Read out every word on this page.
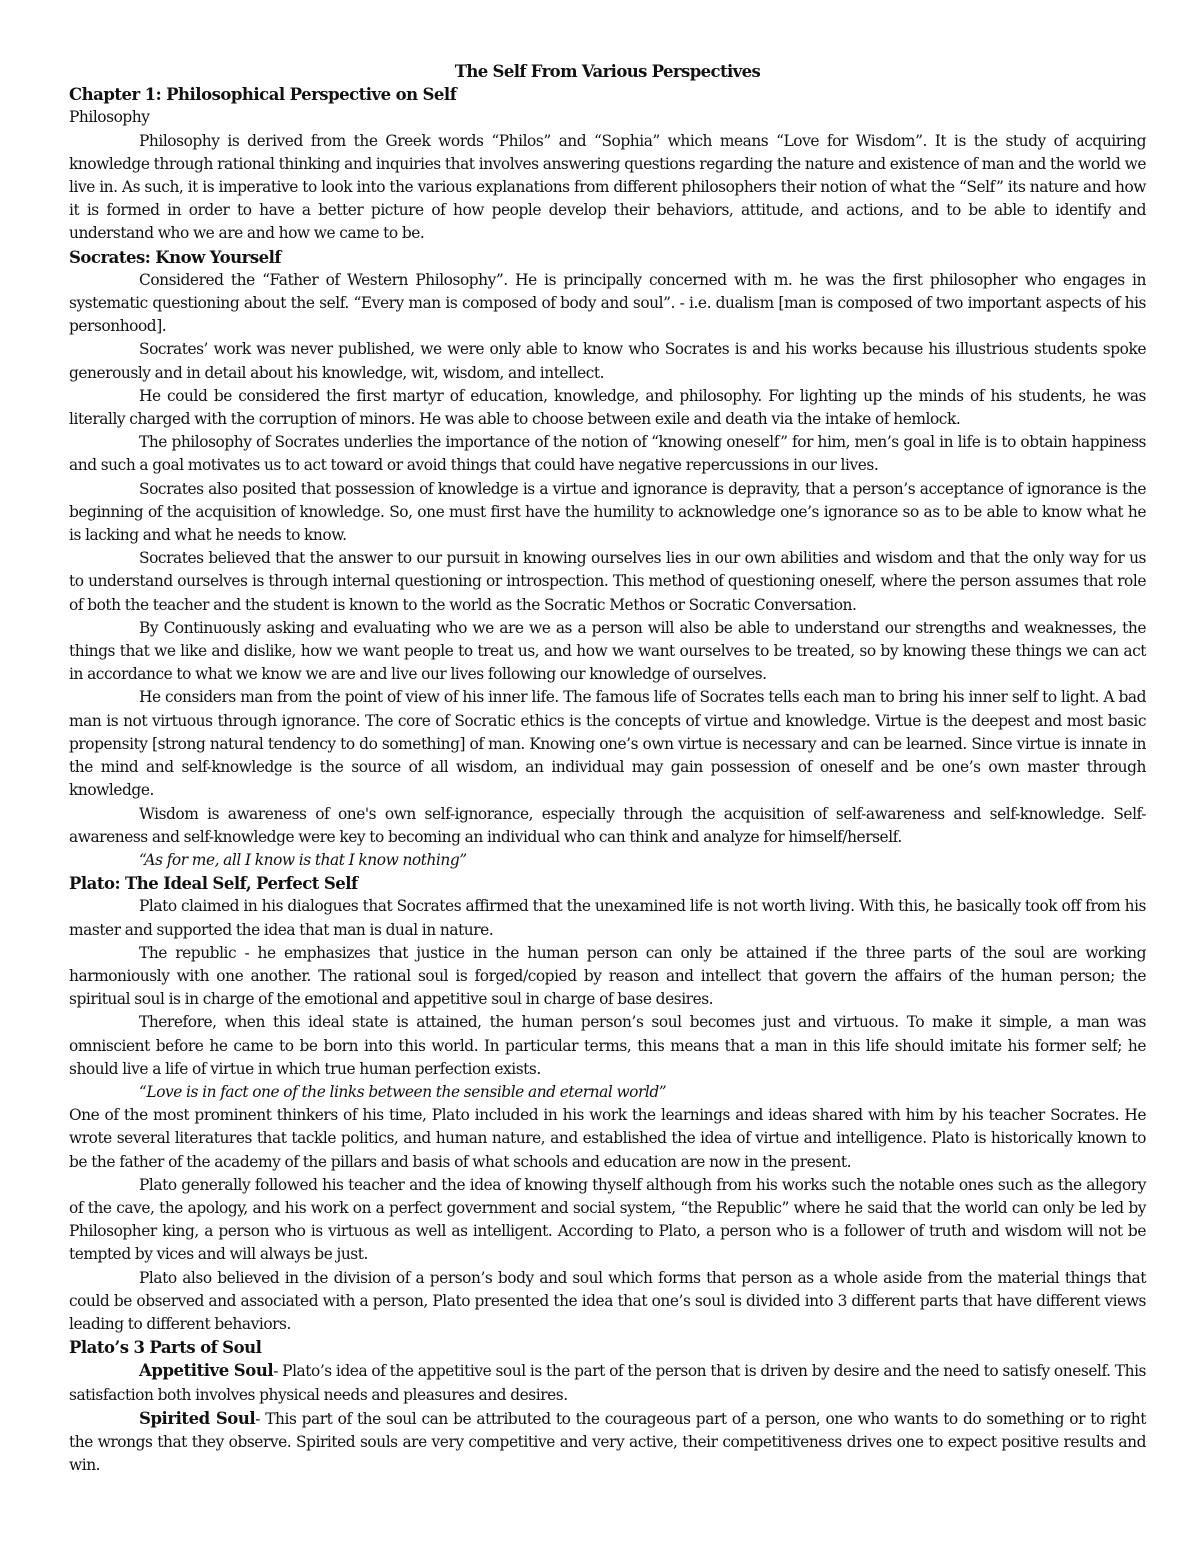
The Self From Various Perspectives
Chapter 1: Philosophical Perspective on Self
Philosophy

Philosophy is derived from the Greek words “Philos” and “Sophia” which means “Love for Wisdom”. It is the study of acquiring knowledge through rational thinking and inquiries that involves answering questions regarding the nature and existence of man and the world we live in. As such, it is imperative to look into the various explanations from different philosophers their notion of what the “Self” its nature and how it is formed in order to have a better picture of how people develop their behaviors, attitude, and actions, and to be able to identify and understand who we are and how we came to be.

Socrates: Know Yourself

Considered the “Father of Western Philosophy”. He is principally concerned with m. he was the first philosopher who engages in systematic questioning about the self. “Every man is composed of body and soul”. - i.e. dualism [man is composed of two important aspects of his personhood].

Socrates’ work was never published, we were only able to know who Socrates is and his works because his illustrious students spoke generously and in detail about his knowledge, wit, wisdom, and intellect.

He could be considered the first martyr of education, knowledge, and philosophy. For lighting up the minds of his students, he was literally charged with the corruption of minors. He was able to choose between exile and death via the intake of hemlock.

The philosophy of Socrates underlies the importance of the notion of “knowing oneself” for him, men’s goal in life is to obtain happiness and such a goal motivates us to act toward or avoid things that could have negative repercussions in our lives.

Socrates also posited that possession of knowledge is a virtue and ignorance is depravity, that a person’s acceptance of ignorance is the beginning of the acquisition of knowledge. So, one must first have the humility to acknowledge one’s ignorance so as to be able to know what he is lacking and what he needs to know.

Socrates believed that the answer to our pursuit in knowing ourselves lies in our own abilities and wisdom and that the only way for us to understand ourselves is through internal questioning or introspection. This method of questioning oneself, where the person assumes that role of both the teacher and the student is known to the world as the Socratic Methos or Socratic Conversation.

By Continuously asking and evaluating who we are we as a person will also be able to understand our strengths and weaknesses, the things that we like and dislike, how we want people to treat us, and how we want ourselves to be treated, so by knowing these things we can act in accordance to what we know we are and live our lives following our knowledge of ourselves.

He considers man from the point of view of his inner life. The famous life of Socrates tells each man to bring his inner self to light. A bad man is not virtuous through ignorance. The core of Socratic ethics is the concepts of virtue and knowledge. Virtue is the deepest and most basic propensity [strong natural tendency to do something] of man. Knowing one’s own virtue is necessary and can be learned. Since virtue is innate in the mind and self-knowledge is the source of all wisdom, an individual may gain possession of oneself and be one’s own master through knowledge.

Wisdom is awareness of one's own self-ignorance, especially through the acquisition of self-awareness and self-knowledge. Self-awareness and self-knowledge were key to becoming an individual who can think and analyze for himself/herself.

“As for me, all I know is that I know nothing”

Plato: The Ideal Self, Perfect Self

Plato claimed in his dialogues that Socrates affirmed that the unexamined life is not worth living. With this, he basically took off from his master and supported the idea that man is dual in nature.

The republic - he emphasizes that justice in the human person can only be attained if the three parts of the soul are working harmoniously with one another. The rational soul is forged/copied by reason and intellect that govern the affairs of the human person; the spiritual soul is in charge of the emotional and appetitive soul in charge of base desires.

Therefore, when this ideal state is attained, the human person’s soul becomes just and virtuous. To make it simple, a man was omniscient before he came to be born into this world. In particular terms, this means that a man in this life should imitate his former self; he should live a life of virtue in which true human perfection exists.

“Love is in fact one of the links between the sensible and eternal world”

One of the most prominent thinkers of his time, Plato included in his work the learnings and ideas shared with him by his teacher Socrates. He wrote several literatures that tackle politics, and human nature, and established the idea of virtue and intelligence. Plato is historically known to be the father of the academy of the pillars and basis of what schools and education are now in the present.

Plato generally followed his teacher and the idea of knowing thyself although from his works such the notable ones such as the allegory of the cave, the apology, and his work on a perfect government and social system, “the Republic” where he said that the world can only be led by Philosopher king, a person who is virtuous as well as intelligent. According to Plato, a person who is a follower of truth and wisdom will not be tempted by vices and will always be just.

Plato also believed in the division of a person’s body and soul which forms that person as a whole aside from the material things that could be observed and associated with a person, Plato presented the idea that one’s soul is divided into 3 different parts that have different views leading to different behaviors.

Plato’s 3 Parts of Soul

Appetitive Soul- Plato’s idea of the appetitive soul is the part of the person that is driven by desire and the need to satisfy oneself. This satisfaction both involves physical needs and pleasures and desires.

Spirited Soul- This part of the soul can be attributed to the courageous part of a person, one who wants to do something or to right the wrongs that they observe. Spirited souls are very competitive and very active, their competitiveness drives one to expect positive results and win.
